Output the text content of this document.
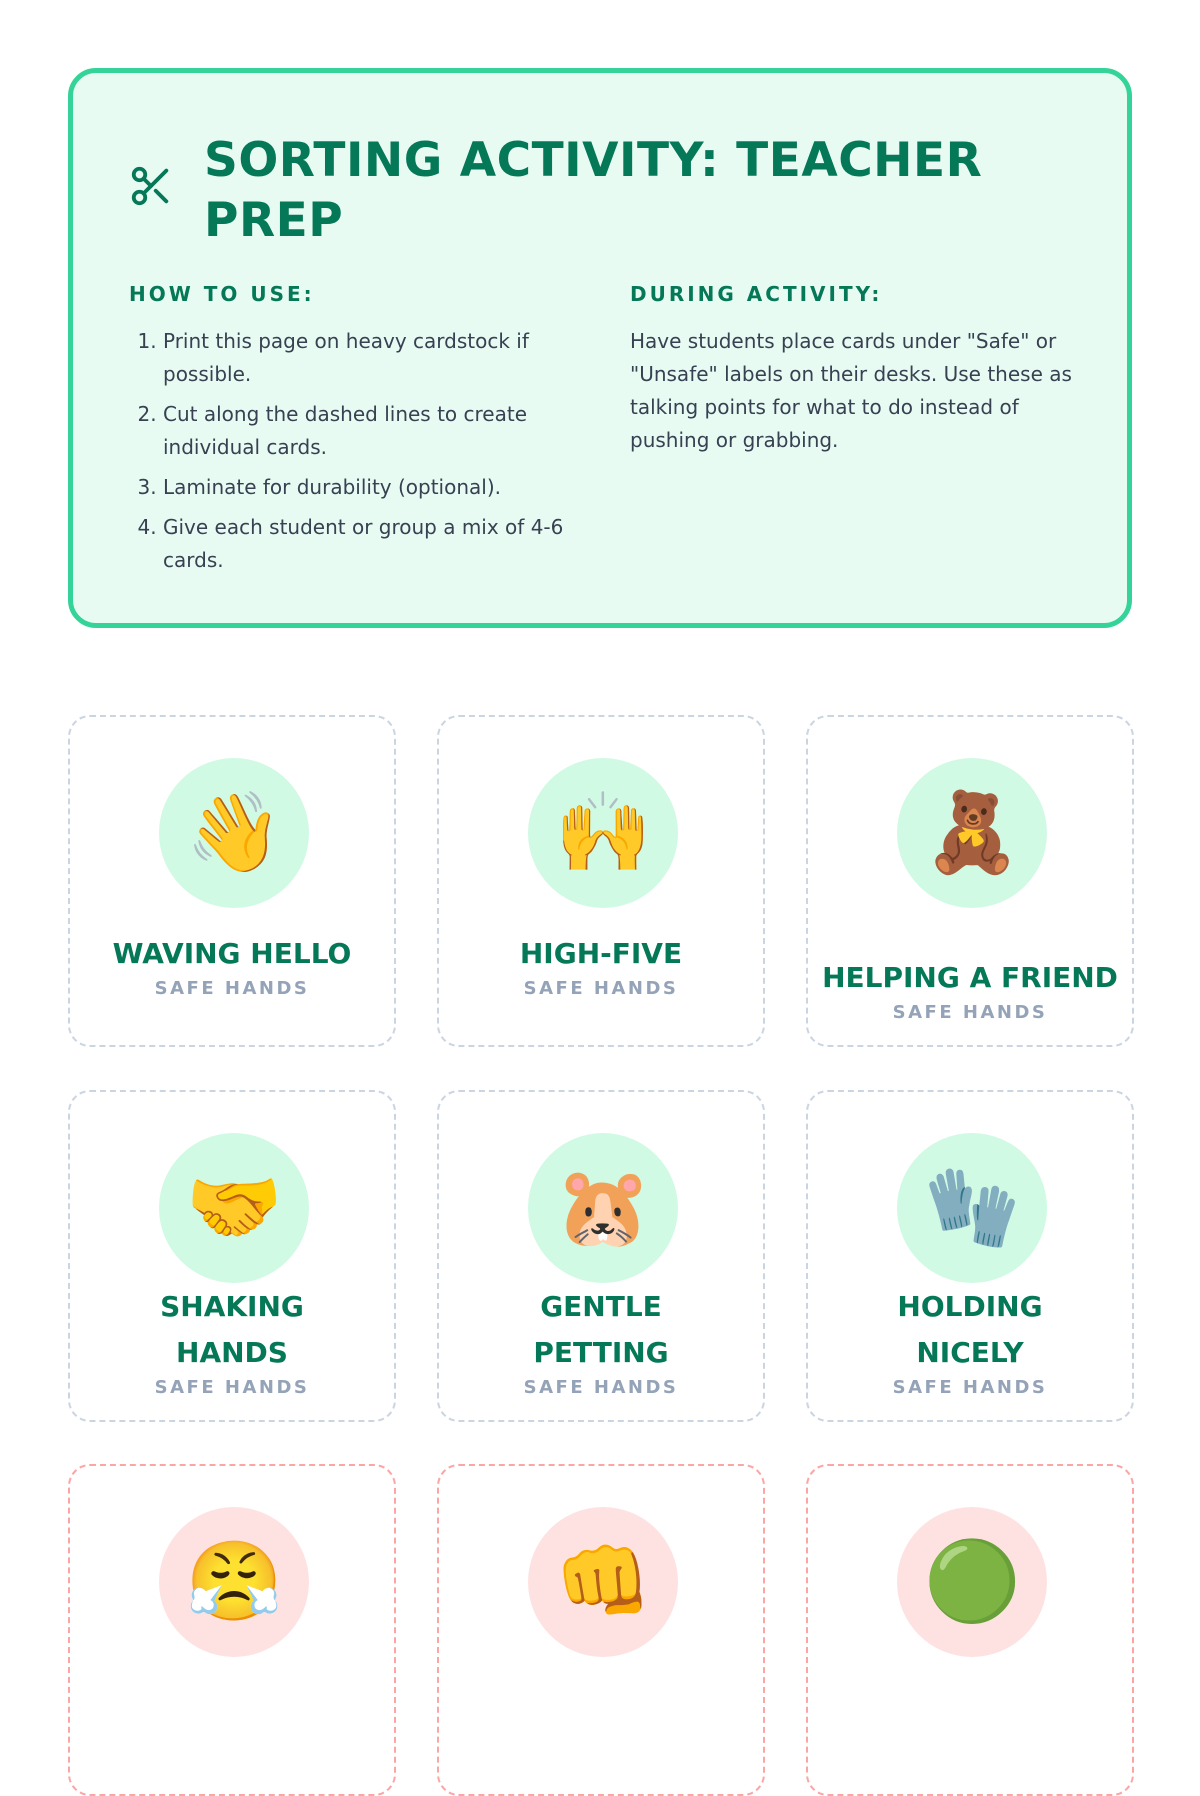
SORTING ACTIVITY: TEACHER PREP
HOW TO USE:
1. Print this page on heavy cardstock if possible.
2. Cut along the dashed lines to create individual cards.
3. Laminate for durability (optional).
4. Give each student or group a mix of 4-6 cards.
DURING ACTIVITY:

Have students place cards under "Safe" or "Unsafe" labels on their desks. Use these as talking points for what to do instead of pushing or grabbing.

👋

WAVING HELLO

SAFE HANDS

🙌

HIGH-FIVE

SAFE HANDS

🧸

HELPING A FRIEND

SAFE HANDS

🤝

SHAKING HANDS

SAFE HANDS

🐹

GENTLE PETTING

SAFE HANDS

🧤

HOLDING NICELY

SAFE HANDS

😤	👊	🟢
